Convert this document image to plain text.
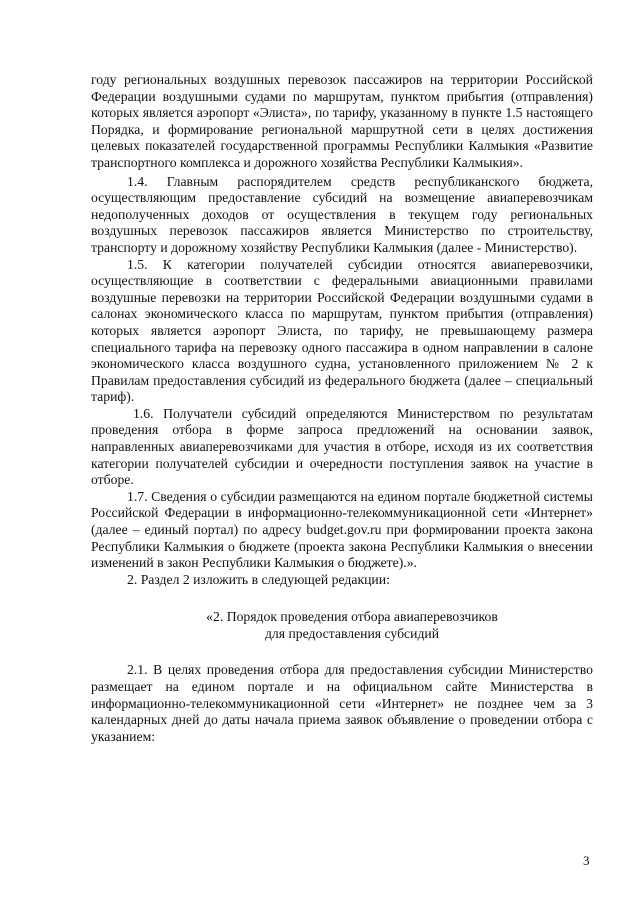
году региональных воздушных перевозок пассажиров на территории Российской Федерации воздушными судами по маршрутам, пунктом прибытия (отправления) которых является аэропорт «Элиста», по тарифу, указанному в пункте 1.5 настоящего Порядка, и формирование региональной маршрутной сети в целях достижения целевых показателей государственной программы Республики Калмыкия «Развитие транспортного комплекса и дорожного хозяйства Республики Калмыкия».

1.4. Главным распорядителем средств республиканского бюджета, осуществляющим предоставление субсидий на возмещение авиаперевозчикам недополученных доходов от осуществления в текущем году региональных воздушных перевозок пассажиров является Министерство по строительству, транспорту и дорожному хозяйству Республики Калмыкия (далее - Министерство).

1.5. К категории получателей субсидии относятся авиаперевозчики, осуществляющие в соответствии с федеральными авиационными правилами воздушные перевозки на территории Российской Федерации воздушными судами в салонах экономического класса по маршрутам, пунктом прибытия (отправления) которых является аэропорт Элиста, по тарифу, не превышающему размера специального тарифа на перевозку одного пассажира в одном направлении в салоне экономического класса воздушного судна, установленного приложением № 2 к Правилам предоставления субсидий из федерального бюджета (далее – специальный тариф).

1.6. Получатели субсидий определяются Министерством по результатам проведения отбора в форме запроса предложений на основании заявок, направленных авиаперевозчиками для участия в отборе, исходя из их соответствия категории получателей субсидии и очередности поступления заявок на участие в отборе.

1.7. Сведения о субсидии размещаются на едином портале бюджетной системы Российской Федерации в информационно-телекоммуникационной сети «Интернет» (далее – единый портал) по адресу budget.gov.ru при формировании проекта закона Республики Калмыкия о бюджете (проекта закона Республики Калмыкия о внесении изменений в закон Республики Калмыкия о бюджете).».

2. Раздел 2 изложить в следующей редакции:

«2. Порядок проведения отбора авиаперевозчиков

для предоставления субсидий

2.1. В целях проведения отбора для предоставления субсидии Министерство размещает на едином портале и на официальном сайте Министерства в информационно-телекоммуникационной сети «Интернет» не позднее чем за 3 календарных дней до даты начала приема заявок объявление о проведении отбора с указанием:

3
